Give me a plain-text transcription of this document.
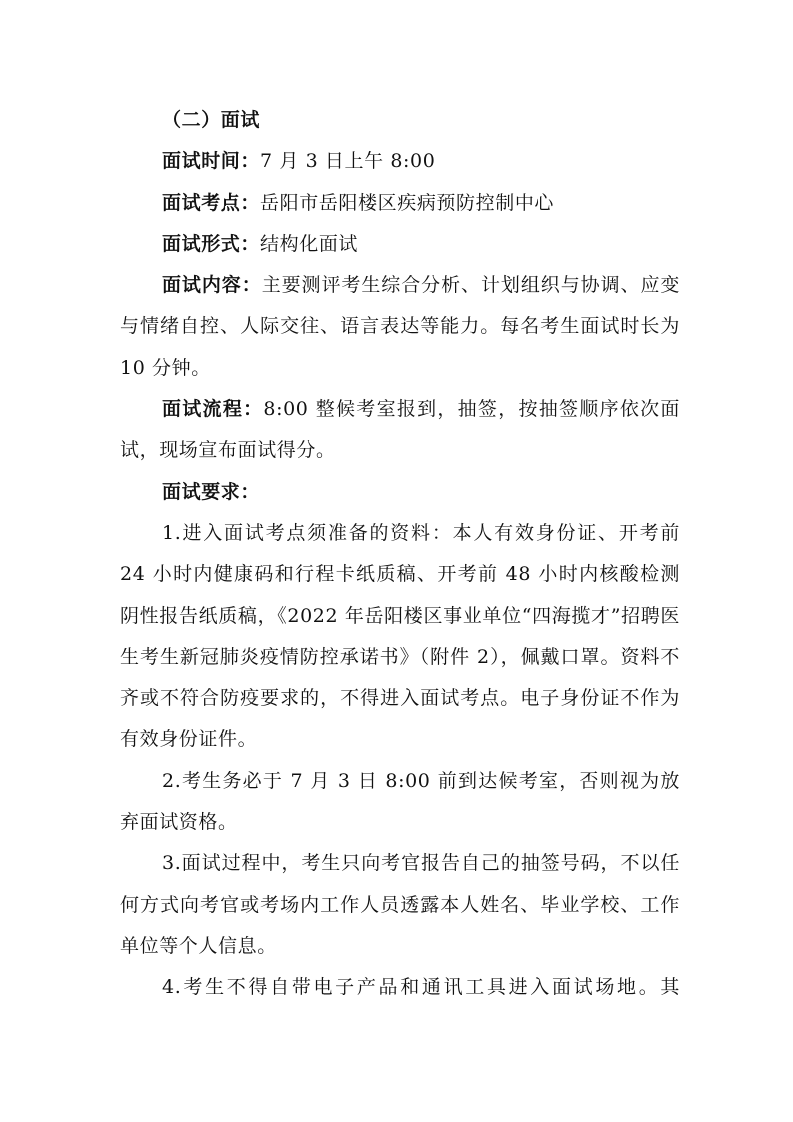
（二）面试

面试时间：7 月 3 日上午 8:00

面试考点：岳阳市岳阳楼区疾病预防控制中心

面试形式：结构化面试

面试内容：主要测评考生综合分析、计划组织与协调、应变与情绪自控、人际交往、语言表达等能力。每名考生面试时长为 10 分钟。

面试流程：8:00 整候考室报到，抽签，按抽签顺序依次面试，现场宣布面试得分。

面试要求：

1.进入面试考点须准备的资料：本人有效身份证、开考前 24 小时内健康码和行程卡纸质稿、开考前 48 小时内核酸检测阴性报告纸质稿，《2022 年岳阳楼区事业单位“四海揽才”招聘医生考生新冠肺炎疫情防控承诺书》（附件 2），佩戴口罩。资料不齐或不符合防疫要求的，不得进入面试考点。电子身份证不作为有效身份证件。

2.考生务必于 7 月 3 日 8:00 前到达候考室，否则视为放弃面试资格。

3.面试过程中，考生只向考官报告自己的抽签号码，不以任何方式向考官或考场内工作人员透露本人姓名、毕业学校、工作单位等个人信息。

4.考生不得自带电子产品和通讯工具进入面试场地。其
